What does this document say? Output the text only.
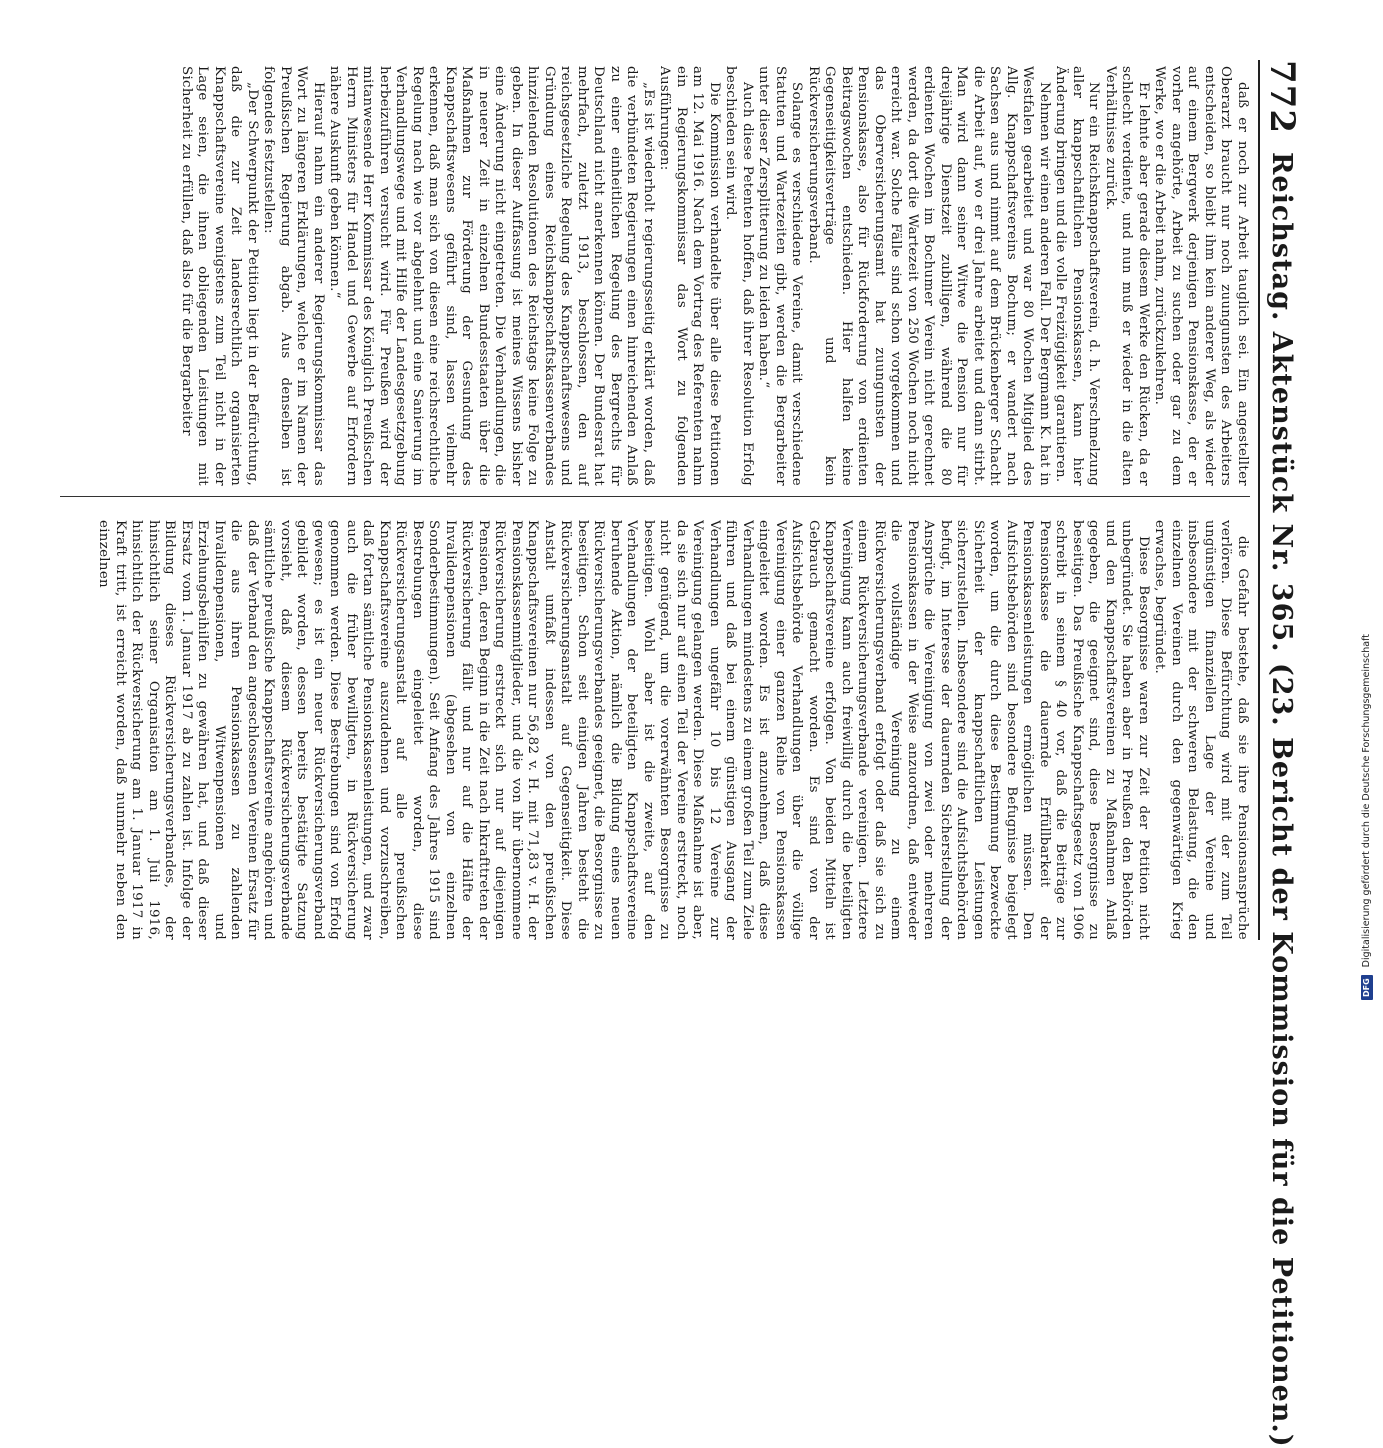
772
Reichstag. Aktenstück Nr. 365. (23. Bericht der Kommission für die Petitionen.)

daß er noch zur Arbeit tauglich sei. Ein angestellter Oberarzt braucht nur noch zuungunsten des Arbeiters entscheiden, so bleibt ihm kein anderer Weg, als wieder auf einem Bergwerk derjenigen Pensionskasse, der er vorher angehörte, Arbeit zu suchen oder gar zu dem Werke, wo er die Arbeit nahm, zurückzukehren.

Er lehnte aber gerade diesem Werke den Rücken, da er schlecht verdiente, und nun muß er wieder in die alten Verhältnisse zurück.

Nur ein Reichsknappschaftsverein, d. h. Verschmelzung aller knappschaftlichen Pensionskassen, kann hier Änderung bringen und die volle Freizügigkeit garantieren.

Nehmen wir einen anderen Fall. Der Bergmann K. hat in Westfalen gearbeitet und war 80 Wochen Mitglied des Allg. Knappschaftsvereins Bochum; er wandert nach Sachsen aus und nimmt auf dem Brückenberger Schacht die Arbeit auf, wo er drei Jahre arbeitet und dann stirbt. Man wird dann seiner Witwe die Pension nur für dreijährige Dienstzeit zubilligen, während die 80 erdienten Wochen im Bochumer Verein nicht gerechnet werden, da dort die Wartezeit von 250 Wochen noch nicht erreicht war. Solche Fälle sind schon vorgekommen und das Oberversicherungsamt hat zuungunsten der Pensionskasse, also für Rückforderung von erdienten Beitragswochen entschieden. Hier halfen keine Gegenseitigkeitsverträge und kein Rückversicherungsverband.

Solange es verschiedene Vereine, damit verschiedene Statuten und Wartezeiten gibt, werden die Bergarbeiter unter dieser Zersplitterung zu leiden haben.“

Auch diese Petenten hoffen, daß ihrer Resolution Erfolg beschieden sein wird.

Die Kommission verhandelte über alle diese Petitionen am 12. Mai 1916. Nach dem Vortrag des Referenten nahm ein Regierungskommissar das Wort zu folgenden Ausführungen:

„Es ist wiederholt regierungsseitig erklärt worden, daß die verbündeten Regierungen einen hinreichenden Anlaß zu einer einheitlichen Regelung des Bergrechts für Deutschland nicht anerkennen können. Der Bundesrat hat mehrfach, zuletzt 1913, beschlossen, den auf reichsgesetzliche Regelung des Knappschaftswesens und Gründung eines Reichsknappschaftskassenverbandes hinzielenden Resolutionen des Reichstags keine Folge zu geben. In dieser Auffassung ist meines Wissens bisher eine Änderung nicht eingetreten. Die Verhandlungen, die in neuerer Zeit in einzelnen Bundesstaaten über die Maßnahmen zur Förderung der Gesundung des Knappschaftswesens geführt sind, lassen vielmehr erkennen, daß man sich von diesen eine reichsrechtliche Regelung nach wie vor abgelehnt und eine Sanierung im Verhandlungswege und mit Hilfe der Landesgesetzgebung herbeizuführen versucht wird. Für Preußen wird der mitanwesende Herr Kommissar des Königlich Preußischen Herrn Ministers für Handel und Gewerbe auf Erfordern nähere Auskunft geben können.“

Hierauf nahm ein anderer Regierungskommissar das Wort zu längeren Erklärungen, welche er im Namen der Preußischen Regierung abgab. Aus denselben ist folgendes festzustellen:

„Der Schwerpunkt der Petition liegt in der Befürchtung, daß die zur Zeit landesrechtlich organisierten Knappschaftsvereine wenigstens zum Teil nicht in der Lage seien, die ihnen obliegenden Leistungen mit Sicherheit zu erfüllen, daß also für die Bergarbeiter

die Gefahr bestehe, daß sie ihre Pensionsansprüche verlören. Diese Befürchtung wird mit der zum Teil ungünstigen finanziellen Lage der Vereine und insbesondere mit der schweren Belastung, die den einzelnen Vereinen durch den gegenwärtigen Krieg erwachse, begründet.

Diese Besorgnisse waren zur Zeit der Petition nicht unbegründet. Sie haben aber in Preußen den Behörden und den Knappschaftsvereinen zu Maßnahmen Anlaß gegeben, die geeignet sind, diese Besorgnisse zu beseitigen. Das Preußische Knappschaftsgesetz von 1906 schreibt in seinem § 40 vor, daß die Beiträge zur Pensionskasse die dauernde Erfüllbarkeit der Pensionskassenleistungen ermöglichen müssen. Den Aufsichtsbehörden sind besondere Befugnisse beigelegt worden, um die durch diese Bestimmung bezweckte Sicherheit der knappschaftlichen Leistungen sicherzustellen. Insbesondere sind die Aufsichtsbehörden befugt, im Interesse der dauernden Sicherstellung der Ansprüche die Vereinigung von zwei oder mehreren Pensionskassen in der Weise anzuordnen, daß entweder die vollständige Vereinigung zu einem Rückversicherungsverband erfolgt oder daß sie sich zu einem Rückversicherungsverbande vereinigen. Letztere Vereinigung kann auch freiwillig durch die beteiligten Knappschaftsvereine erfolgen. Von beiden Mitteln ist Gebrauch gemacht worden. Es sind von der Aufsichtsbehörde Verhandlungen über die völlige Vereinigung einer ganzen Reihe von Pensionskassen eingeleitet worden. Es ist anzunehmen, daß diese Verhandlungen mindestens zu einem großen Teil zum Ziele führen und daß bei einem günstigen Ausgang der Verhandlungen ungefähr 10 bis 12 Vereine zur Vereinigung gelangen werden. Diese Maßnahme ist aber, da sie sich nur auf einen Teil der Vereine erstreckt, noch nicht genügend, um die vorerwähnten Besorgnisse zu beseitigen. Wohl aber ist die zweite, auf den Verhandlungen der beteiligten Knappschaftsvereine beruhende Aktion, nämlich die Bildung eines neuen Rückversicherungsverbandes geeignet, die Besorgnisse zu beseitigen. Schon seit einigen Jahren besteht die Rückversicherungsanstalt auf Gegenseitigkeit. Diese Anstalt umfaßt indessen von den preußischen Knappschaftsvereinen nur 56,82 v. H. mit 71,83 v. H. der Pensionskassenmitglieder, und die von ihr übernommene Rückversicherung erstreckt sich nur auf diejenigen Pensionen, deren Beginn in die Zeit nach Inkrafttreten der Rückversicherung fällt und nur auf die Hälfte der Invalidenpensionen (abgesehen von einzelnen Sonderbestimmungen). Seit Anfang des Jahres 1915 sind Bestrebungen eingeleitet worden, diese Rückversicherungsanstalt auf alle preußischen Knappschaftsvereine auszudehnen und vorzuschreiben, daß fortan sämtliche Pensionskassenleistungen, und zwar auch die früher bewilligten, in Rückversicherung genommen werden. Diese Bestrebungen sind von Erfolg gewesen; es ist ein neuer Rückversicherungsverband gebildet worden, dessen bereits bestätigte Satzung vorsieht, daß diesem Rückversicherungsverbande sämtliche preußische Knappschaftsvereine angehören und daß der Verband den angeschlossenen Vereinen Ersatz für die aus ihren Pensionskassen zu zahlenden Invalidenpensionen, Witwenpensionen und Erziehungsbeihilfen zu gewähren hat, und daß dieser Ersatz vom 1. Januar 1917 ab zu zahlen ist. Infolge der Bildung dieses Rückversicherungsverbandes, der hinsichtlich seiner Organisation am 1. Juli 1916, hinsichtlich der Rückversicherung am 1. Januar 1917 in Kraft tritt, ist erreicht worden, daß nunmehr neben den einzelnen

DFG
Digitalisierung gefördert durch die Deutsche Forschungsgemeinschaft
